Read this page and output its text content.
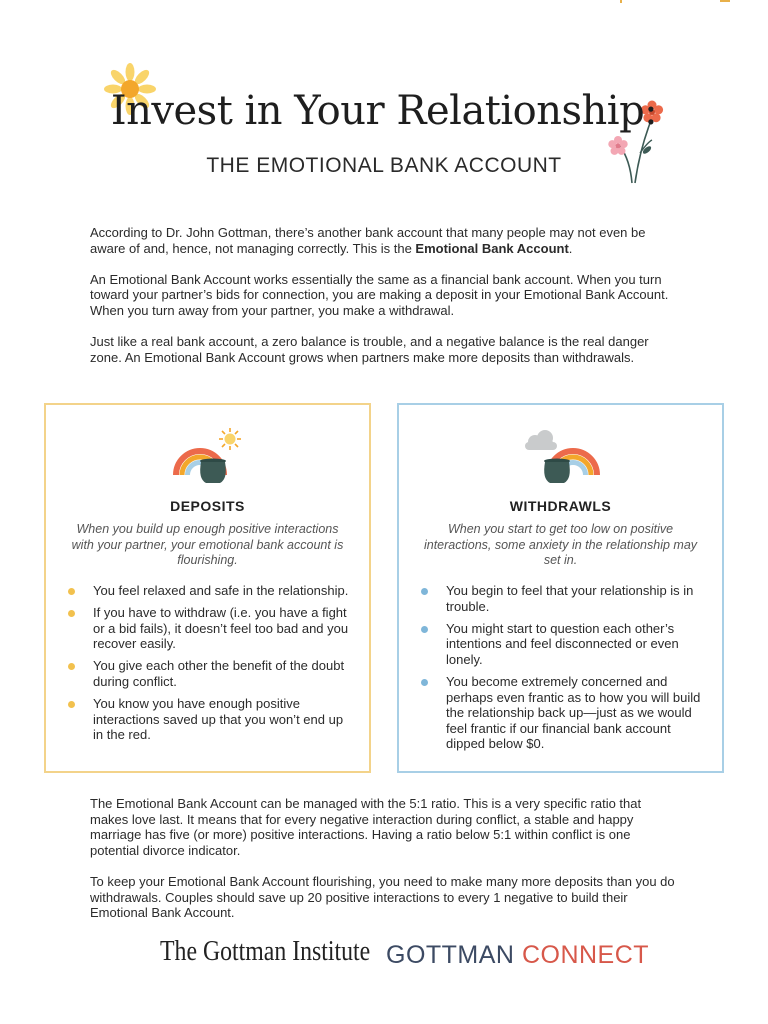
Invest in Your Relationship:
THE EMOTIONAL BANK ACCOUNT

According to Dr. John Gottman, there’s another bank account that many people may not even be aware of and, hence, not managing correctly. This is the Emotional Bank Account.

An Emotional Bank Account works essentially the same as a financial bank account. When you turn toward your partner’s bids for connection, you are making a deposit in your Emotional Bank Account. When you turn away from your partner, you make a withdrawal.

Just like a real bank account, a zero balance is trouble, and a negative balance is the real danger zone. An Emotional Bank Account grows when partners make more deposits than withdrawals.

DEPOSITS
When you build up enough positive interactions with your partner, your emotional bank account is flourishing.
You feel relaxed and safe in the relationship.
If you have to withdraw (i.e. you have a fight or a bid fails), it doesn’t feel too bad and you recover easily.
You give each other the benefit of the doubt during conflict.
You know you have enough positive interactions saved up that you won’t end up in the red.
WITHDRAWLS
When you start to get too low on positive interactions, some anxiety in the relationship may set in.
You begin to feel that your relationship is in trouble.
You might start to question each other’s intentions and feel disconnected or even lonely.
You become extremely concerned and perhaps even frantic as to how you will build the relationship back up—just as we would feel frantic if our financial bank account dipped below $0.

The Emotional Bank Account can be managed with the 5:1 ratio. This is a very specific ratio that makes love last. It means that for every negative interaction during conflict, a stable and happy marriage has five (or more) positive interactions. Having a ratio below 5:1 within conflict is one potential divorce indicator.

To keep your Emotional Bank Account flourishing, you need to make many more deposits than you do withdrawals. Couples should save up 20 positive interactions to every 1 negative to build their Emotional Bank Account.

The Gottman Institute GOTTMAN CONNECT
